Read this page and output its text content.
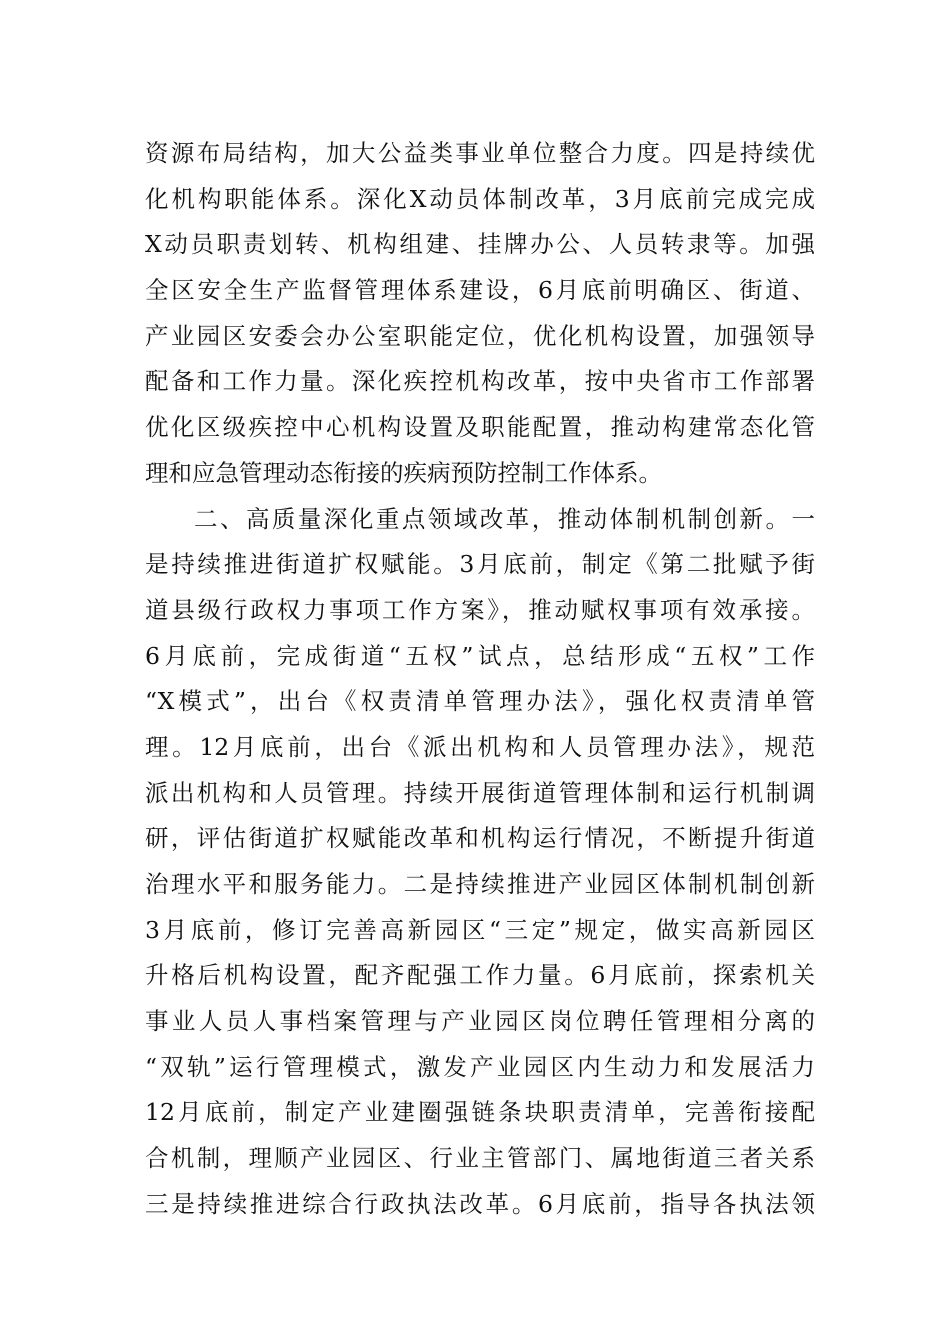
资源布局结构，加大公益类事业单位整合力度。四是持续优
化机构职能体系。深化X动员体制改革，3月底前完成完成
X动员职责划转、机构组建、挂牌办公、人员转隶等。加强
全区安全生产监督管理体系建设，6月底前明确区、街道、
产业园区安委会办公室职能定位，优化机构设置，加强领导
配备和工作力量。深化疾控机构改革，按中央省市工作部署
优化区级疾控中心机构设置及职能配置，推动构建常态化管
理和应急管理动态衔接的疾病预防控制工作体系。
二、高质量深化重点领域改革，推动体制机制创新。一
是持续推进街道扩权赋能。3月底前，制定《第二批赋予街
道县级行政权力事项工作方案》，推动赋权事项有效承接。
6月底前，完成街道“五权”试点，总结形成“五权”工作
“X模式”，出台《权责清单管理办法》，强化权责清单管
理。12月底前，出台《派出机构和人员管理办法》，规范
派出机构和人员管理。持续开展街道管理体制和运行机制调
研，评估街道扩权赋能改革和机构运行情况，不断提升街道
治理水平和服务能力。二是持续推进产业园区体制机制创新
3月底前，修订完善高新园区“三定”规定，做实高新园区
升格后机构设置，配齐配强工作力量。6月底前，探索机关
事业人员人事档案管理与产业园区岗位聘任管理相分离的
“双轨”运行管理模式，激发产业园区内生动力和发展活力
12月底前，制定产业建圈强链条块职责清单，完善衔接配
合机制，理顺产业园区、行业主管部门、属地街道三者关系
三是持续推进综合行政执法改革。6月底前，指导各执法领
